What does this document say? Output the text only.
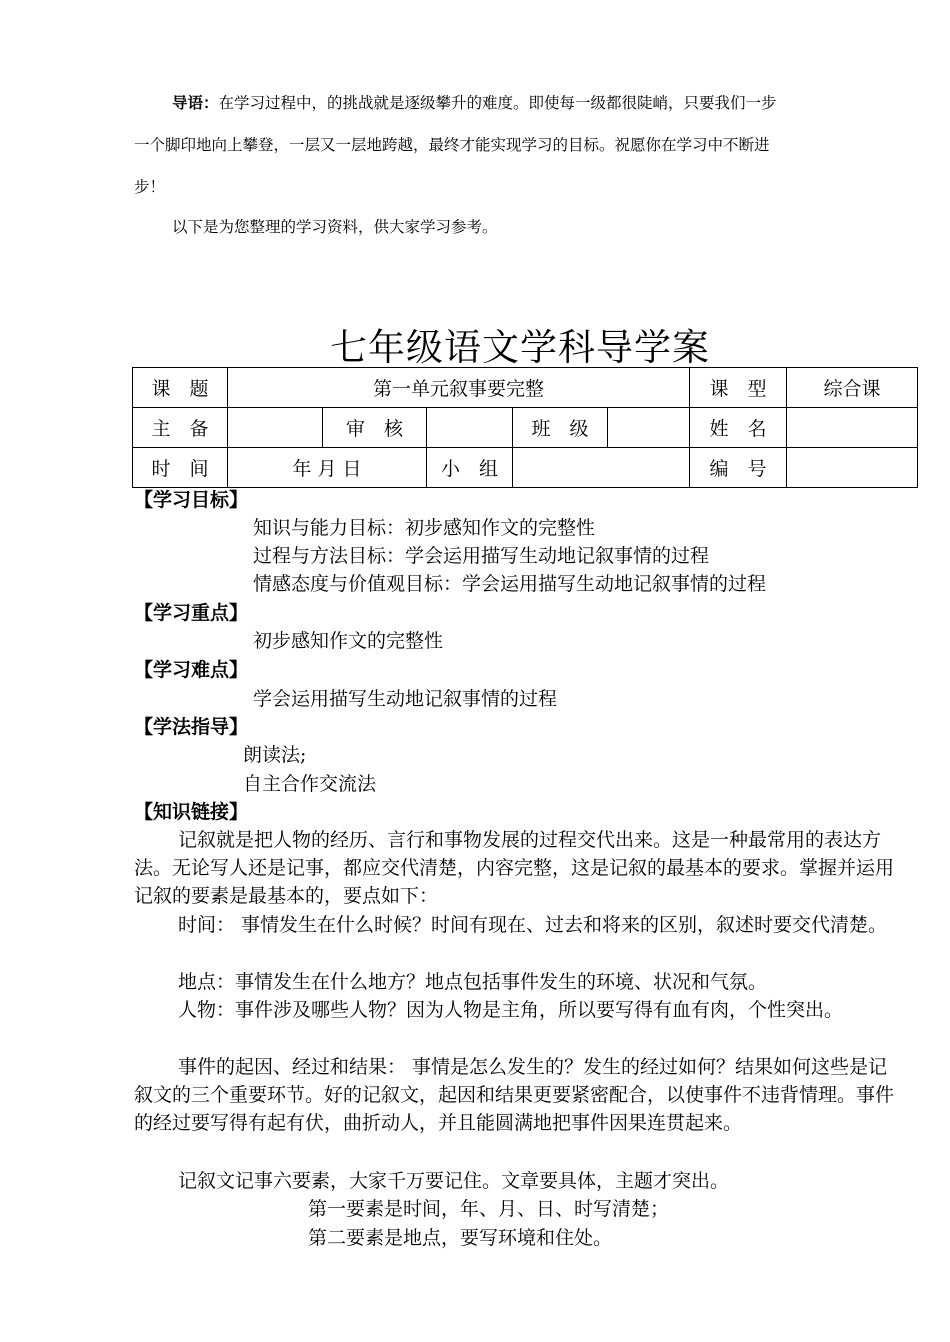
导语：在学习过程中，的挑战就是逐级攀升的难度。即使每一级都很陡峭，只要我们一步
一个脚印地向上攀登，一层又一层地跨越，最终才能实现学习的目标。祝愿你在学习中不断进
步！
以下是为您整理的学习资料，供大家学习参考。
七年级语文学科导学案
课　题	第一单元叙事要完整					课　型	综合课
主　备		审　核		班　级		姓　名	
时　间	年 月 日		小　组			编　号	
【学习目标】
知识与能力目标：初步感知作文的完整性
过程与方法目标：学会运用描写生动地记叙事情的过程
情感态度与价值观目标：学会运用描写生动地记叙事情的过程
【学习重点】
初步感知作文的完整性
【学习难点】
学会运用描写生动地记叙事情的过程
【学法指导】
朗读法;
自主合作交流法
【知识链接】
记叙就是把人物的经历、言行和事物发展的过程交代出来。这是一种最常用的表达方法。无论写人还是记事，都应交代清楚，内容完整，这是记叙的最基本的要求。掌握并运用记叙的要素是最基本的，要点如下：
时间： 事情发生在什么时候？时间有现在、过去和将来的区别，叙述时要交代清楚。
地点：事情发生在什么地方？地点包括事件发生的环境、状况和气氛。
人物：事件涉及哪些人物？因为人物是主角，所以要写得有血有肉，个性突出。
事件的起因、经过和结果： 事情是怎么发生的？发生的经过如何？结果如何这些是记叙文的三个重要环节。好的记叙文，起因和结果更要紧密配合，以使事件不违背情理。事件的经过要写得有起有伏，曲折动人，并且能圆满地把事件因果连贯起来。
记叙文记事六要素，大家千万要记住。文章要具体，主题才突出。
第一要素是时间，年、月、日、时写清楚；
第二要素是地点，要写环境和住处。
